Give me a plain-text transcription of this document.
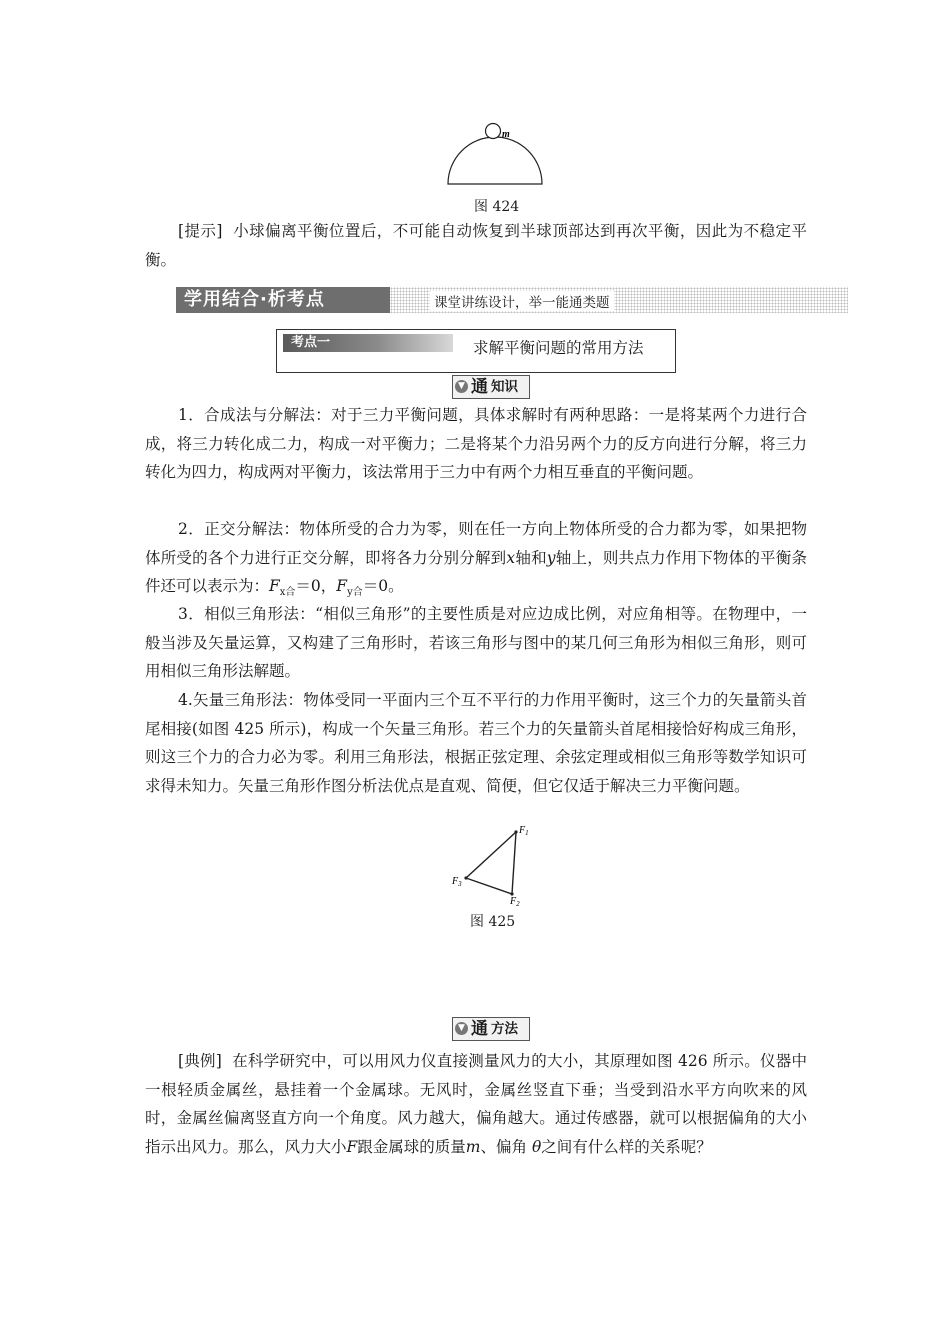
m
图 424
[提示] 小球偏离平衡位置后，不可能自动恢复到半球顶部达到再次平衡，因此为不稳定平衡。
学用结合·析考点	课堂讲练设计，举一能通类题
考点一	求解平衡问题的常用方法
▼ 通 知识
1．合成法与分解法：对于三力平衡问题，具体求解时有两种思路：一是将某两个力进行合成，将三力转化成二力，构成一对平衡力；二是将某个力沿另两个力的反方向进行分解，将三力转化为四力，构成两对平衡力，该法常用于三力中有两个力相互垂直的平衡问题。
2．正交分解法：物体所受的合力为零，则在任一方向上物体所受的合力都为零，如果把物体所受的各个力进行正交分解，即将各力分别分解到x轴和y轴上，则共点力作用下物体的平衡条件还可以表示为：$F_{x合}=0$，$F_{y合}=0$。
3．相似三角形法：“相似三角形”的主要性质是对应边成比例，对应角相等。在物理中，一般当涉及矢量运算，又构建了三角形时，若该三角形与图中的某几何三角形为相似三角形，则可用相似三角形法解题。
4.矢量三角形法：物体受同一平面内三个互不平行的力作用平衡时，这三个力的矢量箭头首尾相接(如图 425 所示)，构成一个矢量三角形。若三个力的矢量箭头首尾相接恰好构成三角形，则这三个力的合力必为零。利用三角形法，根据正弦定理、余弦定理或相似三角形等数学知识可求得未知力。矢量三角形作图分析法优点是直观、简便，但它仅适于解决三力平衡问题。
$F_1$
$F_2$
$F_3$
图 425
▼ 通 方法
[典例] 在科学研究中，可以用风力仪直接测量风力的大小，其原理如图 426 所示。仪器中一根轻质金属丝，悬挂着一个金属球。无风时，金属丝竖直下垂；当受到沿水平方向吹来的风时，金属丝偏离竖直方向一个角度。风力越大，偏角越大。通过传感器，就可以根据偏角的大小指示出风力。那么，风力大小F跟金属球的质量m、偏角 θ之间有什么样的关系呢？
